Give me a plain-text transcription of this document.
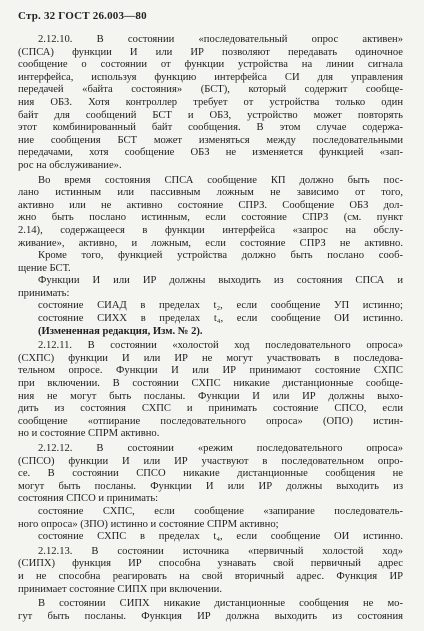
Стр. 32 ГОСТ 26.003—80
2.12.10. В состоянии «последовательный опрос активен»
(СПСА) функции И или ИР позволяют передавать одиночное
сообщение о состоянии от функции устройства на линии сигнала
интерфейса, используя функцию интерфейса СИ для управления
передачей «байта состояния» (БСТ), который содержит сообще-
ния ОБЗ. Хотя контроллер требует от устройства только один
байт для сообщений БСТ и ОБЗ, устройство может повторять
этот комбинированный байт сообщения. В этом случае содержа-
ние сообщения БСТ может изменяться между последовательными
передачами, хотя сообщение ОБЗ не изменяется функцией «зап-
рос на обслуживание».
Во время состояния СПСА сообщение КП должно быть пос-
лано истинным или пассивным ложным не зависимо от того,
активно или не активно состояние СПРЗ. Сообщение ОБЗ дол-
жно быть послано истинным, если состояние СПРЗ (см. пункт
2.14), содержащееся в функции интерфейса «запрос на обслу-
живание», активно, и ложным, если состояние СПРЗ не активно.
Кроме того, функцией устройства должно быть послано сооб-
щение БСТ.
Функции И или ИР должны выходить из состояния СПСА и
принимать:
состояние СИАД в пределах t₂, если сообщение УП истинно;
состояние СИХХ в пределах t₄, если сообщение ОИ истинно.
(Измененная редакция, Изм. № 2).
2.12.11. В состоянии «холостой ход последовательного опроса»
(СХПС) функции И или ИР не могут участвовать в последова-
тельном опросе. Функции И или ИР принимают состояние СХПС
при включении. В состоянии СХПС никакие дистанционные сообще-
ния не могут быть посланы. Функции И или ИР должны выхо-
дить из состояния СХПС и принимать состояние СПСО, если
сообщение «отпирание последовательного опроса» (ОПО) истин-
но и состояние СПРМ активно.
2.12.12. В состоянии «режим последовательного опроса»
(СПСО) функции И или ИР участвуют в последовательном опро-
се. В состоянии СПСО никакие дистанционные сообщения не
могут быть посланы. Функции И или ИР должны выходить из
состояния СПСО и принимать:
состояние СХПС, если сообщение «запирание последователь-
ного опроса» (ЗПО) истинно и состояние СПРМ активно;
состояние СХПС в пределах t₄, если сообщение ОИ истинно.
2.12.13. В состоянии источника «первичный холостой ход»
(СИПХ) функция ИР способна узнавать свой первичный адрес
и не способна реагировать на свой вторичный адрес. Функция ИР
принимает состояние СИПХ при включении.
В состоянии СИПХ никакие дистанционные сообщения не мо-
гут быть посланы. Функция ИР должна выходить из состояния
